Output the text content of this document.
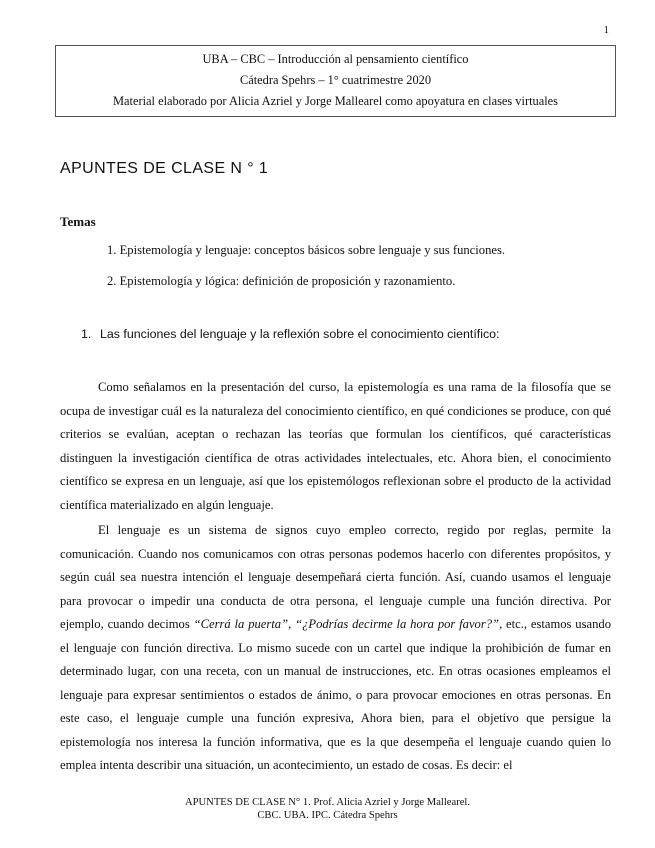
1
UBA – CBC – Introducción al pensamiento científico
Cátedra Spehrs – 1° cuatrimestre 2020
Material elaborado por Alicia Azriel y Jorge Mallearel como apoyatura en clases virtuales
APUNTES DE CLASE N ° 1
Temas
1. Epistemología y lenguaje: conceptos básicos sobre lenguaje y sus funciones.
2. Epistemología y lógica: definición de proposición y razonamiento.
1. Las funciones del lenguaje y la reflexión sobre el conocimiento científico:

Como señalamos en la presentación del curso, la epistemología es una rama de la filosofía que se ocupa de investigar cuál es la naturaleza del conocimiento científico, en qué condiciones se produce, con qué criterios se evalúan, aceptan o rechazan las teorías que formulan los científicos, qué características distinguen la investigación científica de otras actividades intelectuales, etc. Ahora bien, el conocimiento científico se expresa en un lenguaje, así que los epistemólogos reflexionan sobre el producto de la actividad científica materializado en algún lenguaje.

El lenguaje es un sistema de signos cuyo empleo correcto, regido por reglas, permite la comunicación. Cuando nos comunicamos con otras personas podemos hacerlo con diferentes propósitos, y según cuál sea nuestra intención el lenguaje desempeñará cierta función. Así, cuando usamos el lenguaje para provocar o impedir una conducta de otra persona, el lenguaje cumple una función directiva. Por ejemplo, cuando decimos “Cerrá la puerta”, “¿Podrías decirme la hora por favor?”, etc., estamos usando el lenguaje con función directiva. Lo mismo sucede con un cartel que indique la prohibición de fumar en determinado lugar, con una receta, con un manual de instrucciones, etc. En otras ocasiones empleamos el lenguaje para expresar sentimientos o estados de ánimo, o para provocar emociones en otras personas. En este caso, el lenguaje cumple una función expresiva, Ahora bien, para el objetivo que persigue la epistemología nos interesa la función informativa, que es la que desempeña el lenguaje cuando quien lo emplea intenta describir una situación, un acontecimiento, un estado de cosas. Es decir: el

APUNTES DE CLASE N° 1. Prof. Alicia Azriel y Jorge Mallearel.
CBC. UBA. IPC. Cátedra Spehrs
